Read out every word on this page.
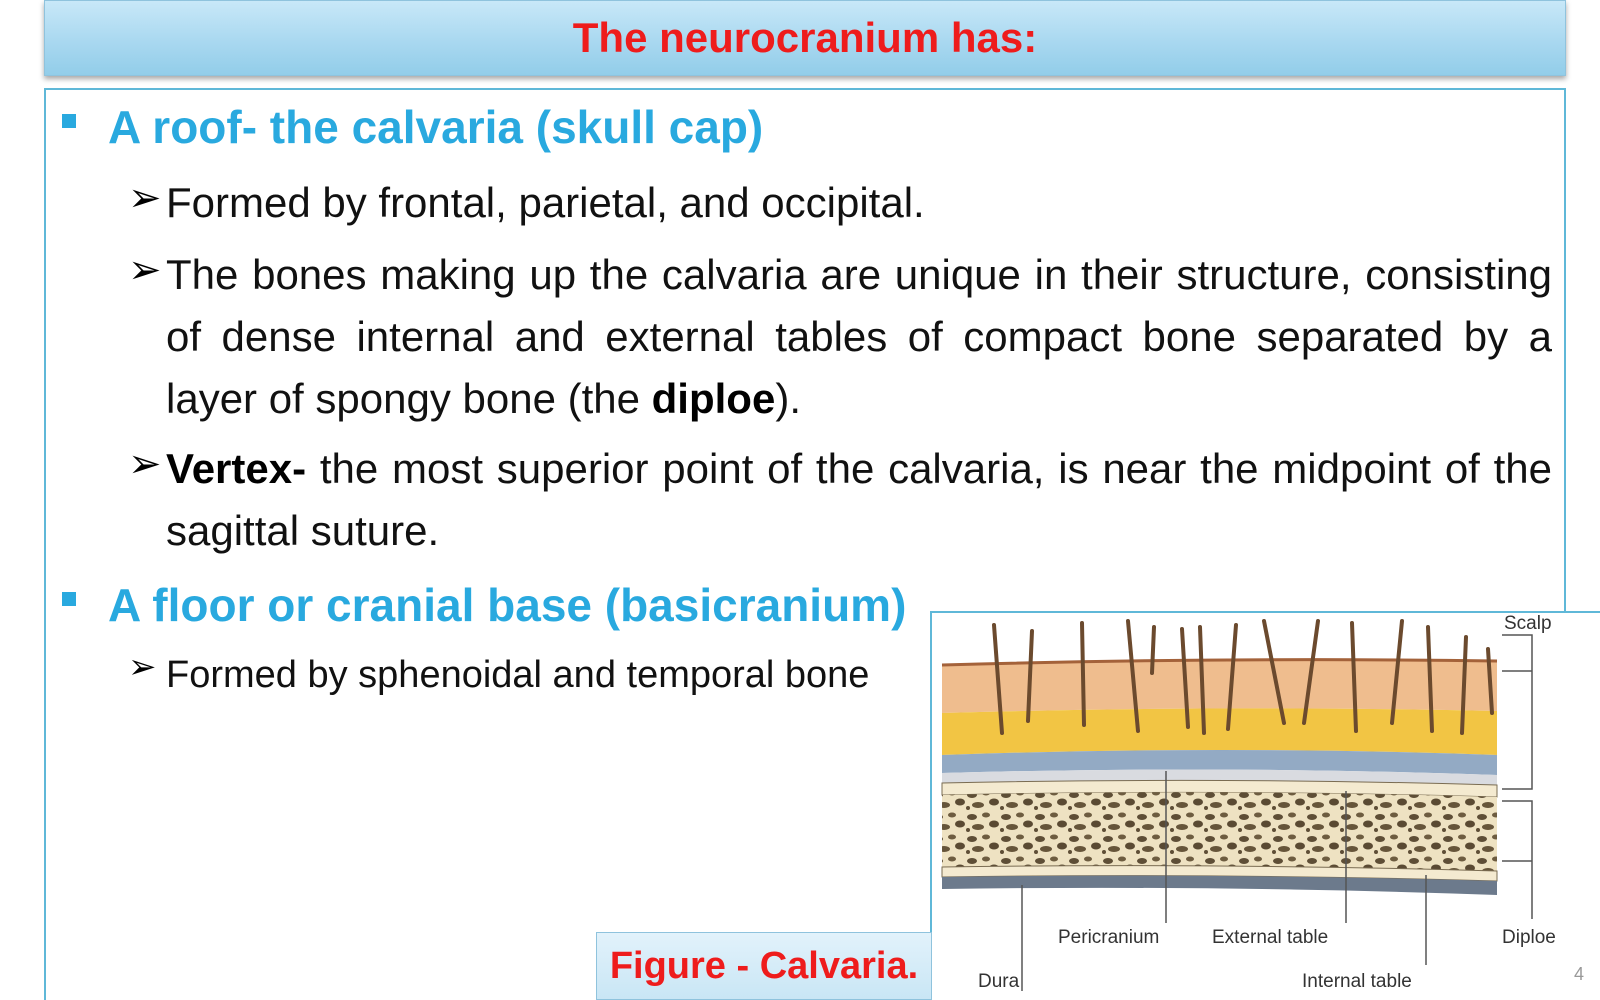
The neurocranium has:

A roof- the calvaria (skull cap)

➢ Formed by frontal, parietal, and occipital.

➢ The bones making up the calvaria are unique in their structure, consisting of dense internal and external tables of compact bone separated by a layer of spongy bone (the diploe).

➢ Vertex- the most superior point of the calvaria, is near the midpoint of the sagittal suture.

A floor or cranial base (basicranium)

➢ Formed by sphenoidal and temporal bone

Scalp
Diploe
Pericranium	External table
Dura	Internal table
Figure - Calvaria.	4
